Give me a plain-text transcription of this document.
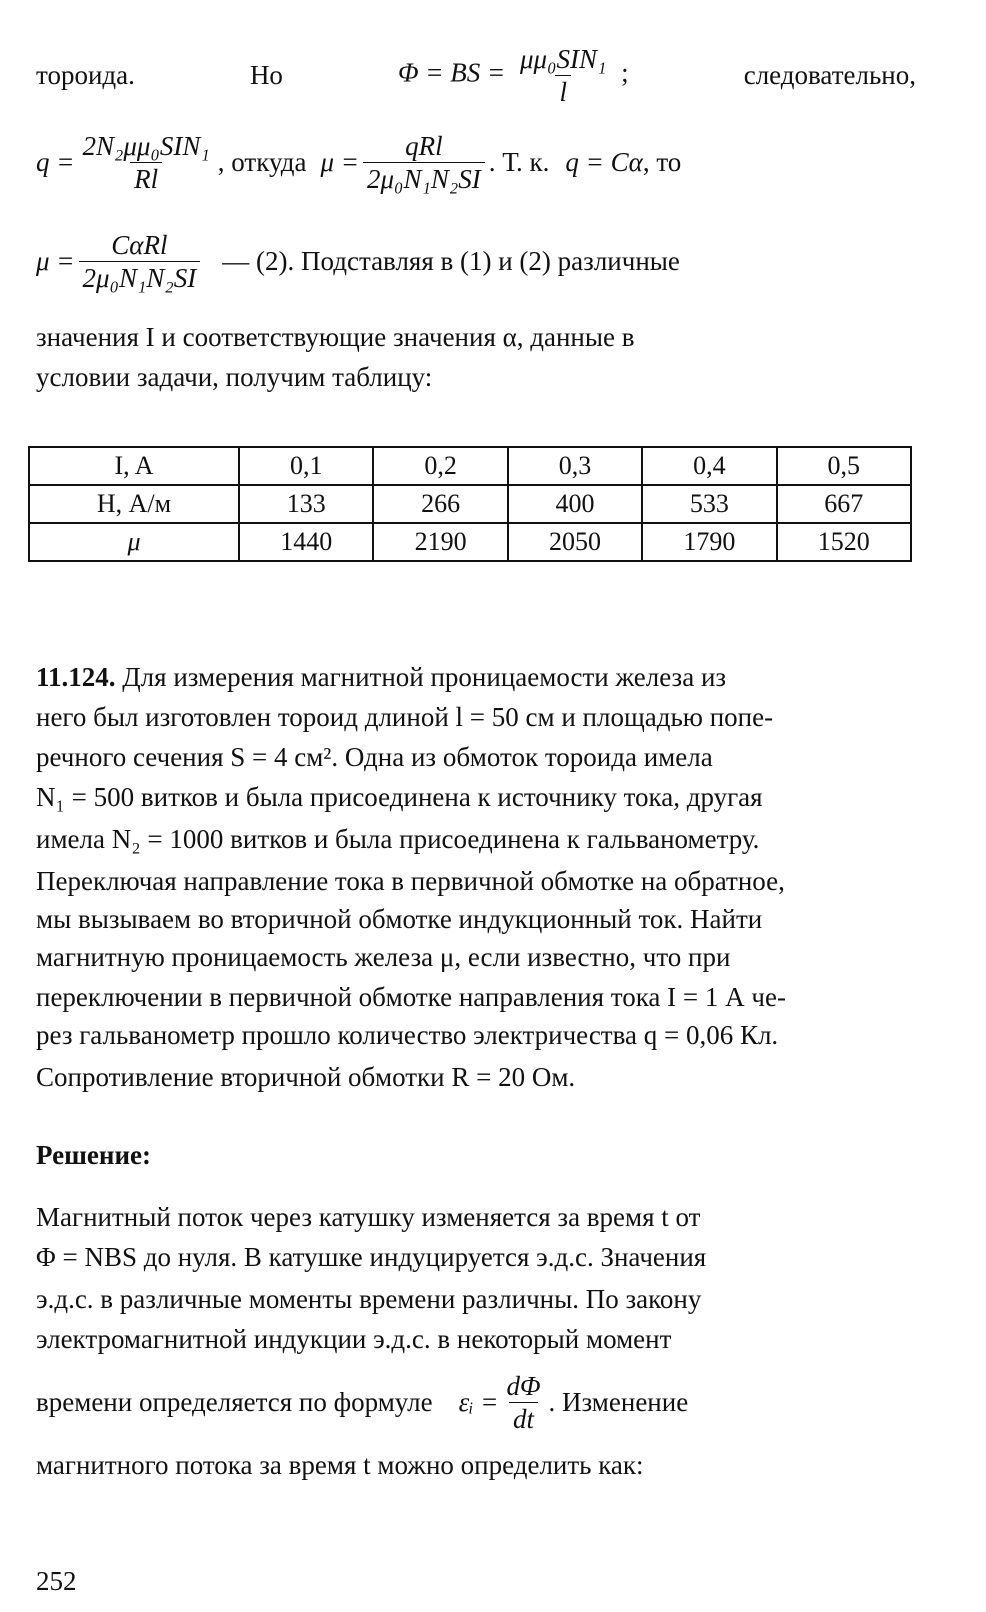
тороида.	Но	Φ = BS = $\frac{\text{μμ₀SIN₁}}{l}$ ;	следовательно,
$q = \frac{\text{2N₂μμ₀SIN₁}}{Rl}$ , откуда $\mu = \frac{\text{qRl}}{\text{2μ₀N₁N₂SI}}$ . Т. к. q = Cα , то
$\mu = \frac{\text{CαRl}}{\text{2μ₀N₁N₂SI}}$ — (2). Подставляя в (1) и (2) различные
значения I и соответствующие значения α, данные в
условии задачи, получим таблицу:
I, A	0,1	0,2	0,3	0,4	0,5
H, А/м	133	266	400	533	667
μ	1440	2190	2050	1790	1520
11.124. Для измерения магнитной проницаемости железа из
него был изготовлен тороид длиной l = 50 см и площадью попе-
речного сечения S = 4 см². Одна из обмоток тороида имела
N₁ = 500 витков и была присоединена к источнику тока, другая
имела N₂ = 1000 витков и была присоединена к гальванометру.
Переключая направление тока в первичной обмотке на обратное,
мы вызываем во вторичной обмотке индукционный ток. Найти
магнитную проницаемость железа μ, если известно, что при
переключении в первичной обмотке направления тока I = 1 А че-
рез гальванометр прошло количество электричества q = 0,06 Кл.
Сопротивление вторичной обмотки R = 20 Ом.
Решение:
Магнитный поток через катушку изменяется за время t от
Φ = NBS до нуля. В катушке индуцируется э.д.с. Значения
э.д.с. в различные моменты времени различны. По закону
электромагнитной индукции э.д.с. в некоторый момент
времени определяется по формуле εᵢ = $\frac{d\Phi}{dt}$ . Изменение
магнитного потока за время t можно определить как:
252
